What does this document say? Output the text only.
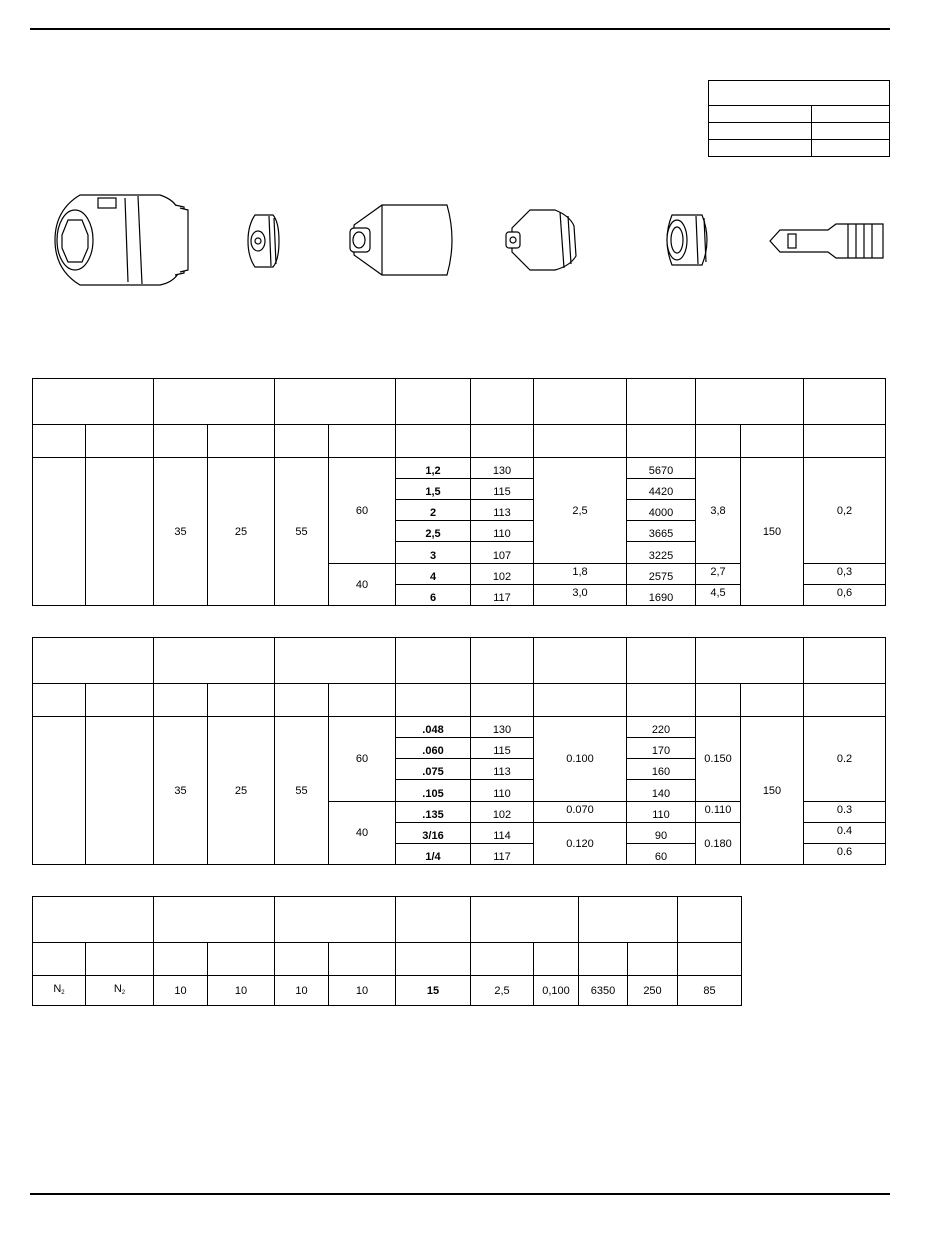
		35	25	55	60	1,2	130	2,5	5670	3,8	150	0,2
						1,5	115		4420			
						2	113		4000			
						2,5	110		3665			
						3	107		3225			
					40	4	102	1,8	2575	2,7		0,3
						6	117	3,0	1690	4,5		0,6

		35	25	55	60	.048	130	0.100	220	0.150	150	0.2
						.060	115		170			
						.075	113		160			
						.105	110		140			
					40	.135	102	0.070	110	0.110		0.3
						3/16	114	0.120	90	0.180		0.4
						1/4	117		60			0.6

$N_2$	$N_2$	10	10	10	10	15	2,5	0,100	6350	250	85
